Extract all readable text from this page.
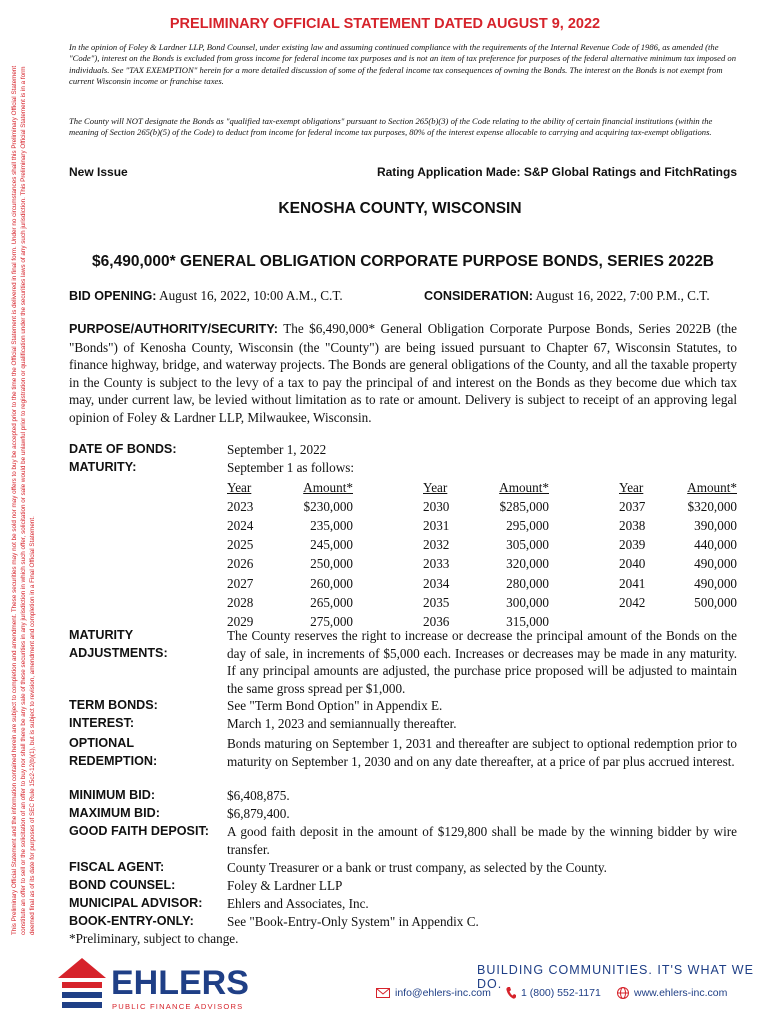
PRELIMINARY OFFICIAL STATEMENT DATED AUGUST 9, 2022
This Preliminary Official Statement and the information contained herein are subject to completion and amendment. These securities may not be sold nor may offers to buy be accepted prior to the time the Official Statement is delivered in final form. Under no circumstances shall this Preliminary Official Statement constitute an offer to sell or the solicitation of an offer to buy nor shall there be any sale of these securities in any jurisdiction in which such offer, solicitation or sale would be unlawful prior to registration or qualification under the securities laws of any such jurisdiction. This Preliminary Official Statement is in a form deemed final as of its date for purposes of SEC Rule 15c2-12(b)(1), but is subject to revision, amendment and completion in a Final Official Statement.
In the opinion of Foley & Lardner LLP, Bond Counsel, under existing law and assuming continued compliance with the requirements of the Internal Revenue Code of 1986, as amended (the "Code"), interest on the Bonds is excluded from gross income for federal income tax purposes and is not an item of tax preference for purposes of the federal alternative minimum tax imposed on individuals. See "TAX EXEMPTION" herein for a more detailed discussion of some of the federal income tax consequences of owning the Bonds. The interest on the Bonds is not exempt from current Wisconsin income or franchise taxes.
The County will NOT designate the Bonds as "qualified tax-exempt obligations" pursuant to Section 265(b)(3) of the Code relating to the ability of certain financial institutions (within the meaning of Section 265(b)(5) of the Code) to deduct from income for federal income tax purposes, 80% of the interest expense allocable to carrying and acquiring tax-exempt obligations.
New Issue	Rating Application Made: S&P Global Ratings and FitchRatings
KENOSHA COUNTY, WISCONSIN
$6,490,000* GENERAL OBLIGATION CORPORATE PURPOSE BONDS, SERIES 2022B
BID OPENING: August 16, 2022, 10:00 A.M., C.T.	CONSIDERATION: August 16, 2022, 7:00 P.M., C.T.
PURPOSE/AUTHORITY/SECURITY: The $6,490,000* General Obligation Corporate Purpose Bonds, Series 2022B (the "Bonds") of Kenosha County, Wisconsin (the "County") are being issued pursuant to Chapter 67, Wisconsin Statutes, to finance highway, bridge, and waterway projects. The Bonds are general obligations of the County, and all the taxable property in the County is subject to the levy of a tax to pay the principal of and interest on the Bonds as they become due which tax may, under current law, be levied without limitation as to rate or amount. Delivery is subject to receipt of an approving legal opinion of Foley & Lardner LLP, Milwaukee, Wisconsin.
DATE OF BONDS:	September 1, 2022
MATURITY:	September 1 as follows:
Year	Amount*		Year	Amount*		Year	Amount*
2023	$230,000		2030	$285,000		2037	$320,000
2024	235,000		2031	295,000		2038	390,000
2025	245,000		2032	305,000		2039	440,000
2026	250,000		2033	320,000		2040	490,000
2027	260,000		2034	280,000		2041	490,000
2028	265,000		2035	300,000		2042	500,000
2029	275,000		2036	315,000			
MATURITY
ADJUSTMENTS:
The County reserves the right to increase or decrease the principal amount of the Bonds on the day of sale, in increments of $5,000 each. Increases or decreases may be made in any maturity. If any principal amounts are adjusted, the purchase price proposed will be adjusted to maintain the same gross spread per $1,000.
TERM BONDS:	See "Term Bond Option" in Appendix E.
INTEREST:	March 1, 2023 and semiannually thereafter.
OPTIONAL
REDEMPTION:
Bonds maturing on September 1, 2031 and thereafter are subject to optional redemption prior to maturity on September 1, 2030 and on any date thereafter, at a price of par plus accrued interest.
MINIMUM BID:	$6,408,875.
MAXIMUM BID:	$6,879,400.
GOOD FAITH DEPOSIT: A good faith deposit in the amount of $129,800 shall be made by the winning bidder by wire transfer.
FISCAL AGENT:	County Treasurer or a bank or trust company, as selected by the County.
BOND COUNSEL:	Foley & Lardner LLP
MUNICIPAL ADVISOR: Ehlers and Associates, Inc.
BOOK-ENTRY-ONLY:	See "Book-Entry-Only System" in Appendix C.
*Preliminary, subject to change.
EHLERS
PUBLIC FINANCE ADVISORS
BUILDING COMMUNITIES. IT'S WHAT WE DO.
info@ehlers-inc.com	1 (800) 552-1171	www.ehlers-inc.com
